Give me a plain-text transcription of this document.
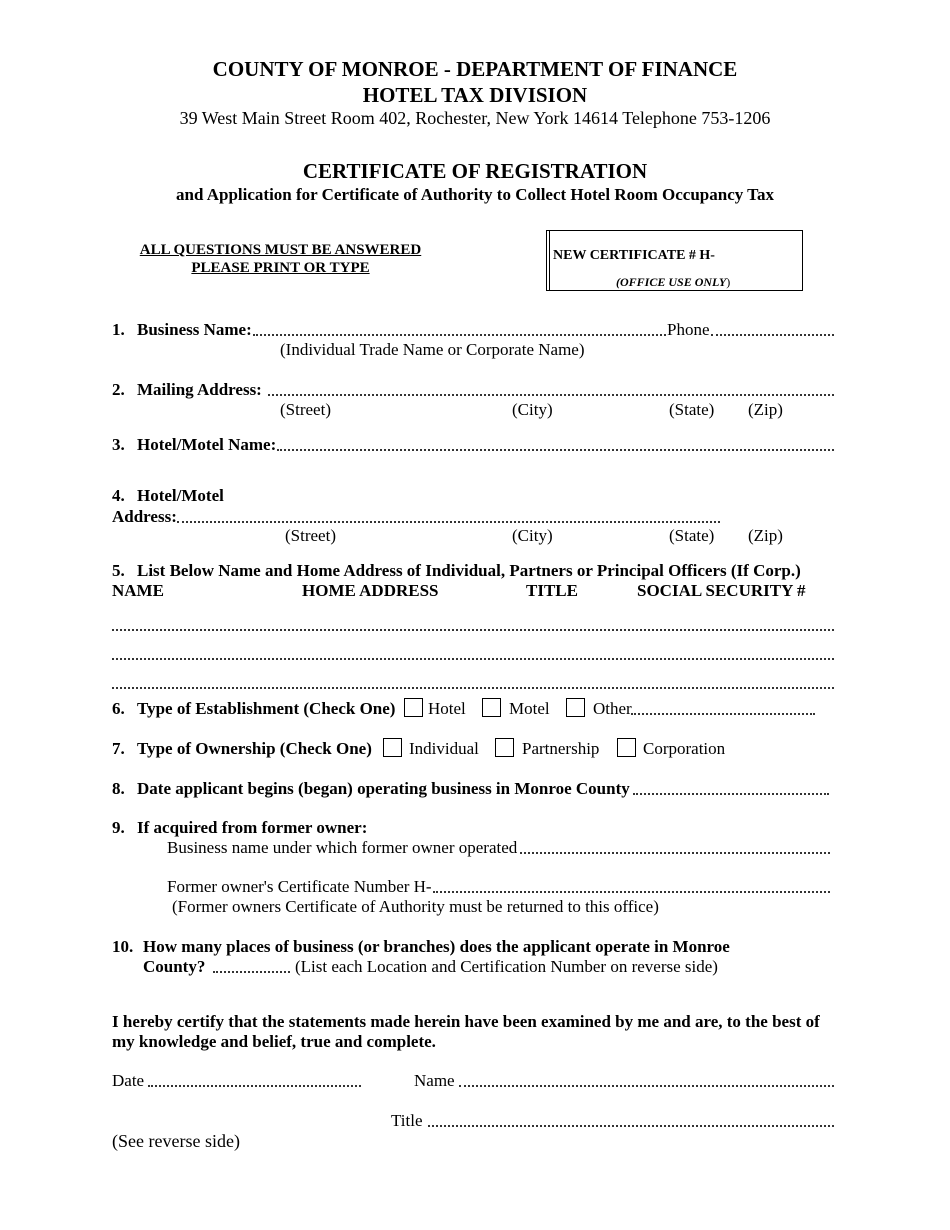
COUNTY OF MONROE - DEPARTMENT OF FINANCE
HOTEL TAX DIVISION
39 West Main Street Room 402, Rochester, New York 14614 Telephone 753-1206
CERTIFICATE OF REGISTRATION
and Application for Certificate of Authority to Collect Hotel Room Occupancy Tax
ALL QUESTIONS MUST BE ANSWERED
PLEASE PRINT OR TYPE
NEW CERTIFICATE # H-
(OFFICE USE ONLY)
1. Business Name:	Phone
(Individual Trade Name or Corporate Name)
2. Mailing Address:
(Street)	(City)	(State) (Zip)
3. Hotel/Motel Name:
4. Hotel/Motel
Address:
(Street)	(City)	(State) (Zip)
5. List Below Name and Home Address of Individual, Partners or Principal Officers (If Corp.)
NAME	HOME ADDRESS	TITLE	SOCIAL SECURITY #
6. Type of Establishment (Check One) Hotel	Motel	Other
7. Type of Ownership (Check One) Individual	Partnership	Corporation
8. Date applicant begins (began) operating business in Monroe County
9. If acquired from former owner:
Business name under which former owner operated
Former owner's Certificate Number H-
(Former owners Certificate of Authority must be returned to this office)
10. How many places of business (or branches) does the applicant operate in Monroe
County?	(List each Location and Certification Number on reverse side)
I hereby certify that the statements made herein have been examined by me and are, to the best of
my knowledge and belief, true and complete.
Date	Name
Title
(See reverse side)
